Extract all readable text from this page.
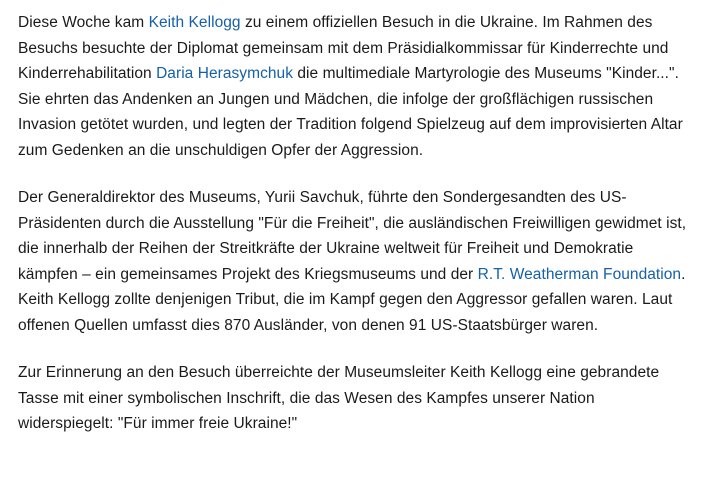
Diese Woche kam Keith Kellogg zu einem offiziellen Besuch in die Ukraine. Im Rahmen des Besuchs besuchte der Diplomat gemeinsam mit dem Präsidialkommissar für Kinderrechte und Kinderrehabilitation Daria Herasymchuk die multimediale Martyrologie des Museums "Kinder...". Sie ehrten das Andenken an Jungen und Mädchen, die infolge der großflächigen russischen Invasion getötet wurden, und legten der Tradition folgend Spielzeug auf dem improvisierten Altar zum Gedenken an die unschuldigen Opfer der Aggression.

Der Generaldirektor des Museums, Yurii Savchuk, führte den Sondergesandten des US-Präsidenten durch die Ausstellung "Für die Freiheit", die ausländischen Freiwilligen gewidmet ist, die innerhalb der Reihen der Streitkräfte der Ukraine weltweit für Freiheit und Demokratie kämpfen – ein gemeinsames Projekt des Kriegsmuseums und der R.T. Weatherman Foundation. Keith Kellogg zollte denjenigen Tribut, die im Kampf gegen den Aggressor gefallen waren. Laut offenen Quellen umfasst dies 870 Ausländer, von denen 91 US-Staatsbürger waren.

Zur Erinnerung an den Besuch überreichte der Museumsleiter Keith Kellogg eine gebrandete Tasse mit einer symbolischen Inschrift, die das Wesen des Kampfes unserer Nation widerspiegelt: "Für immer freie Ukraine!"
